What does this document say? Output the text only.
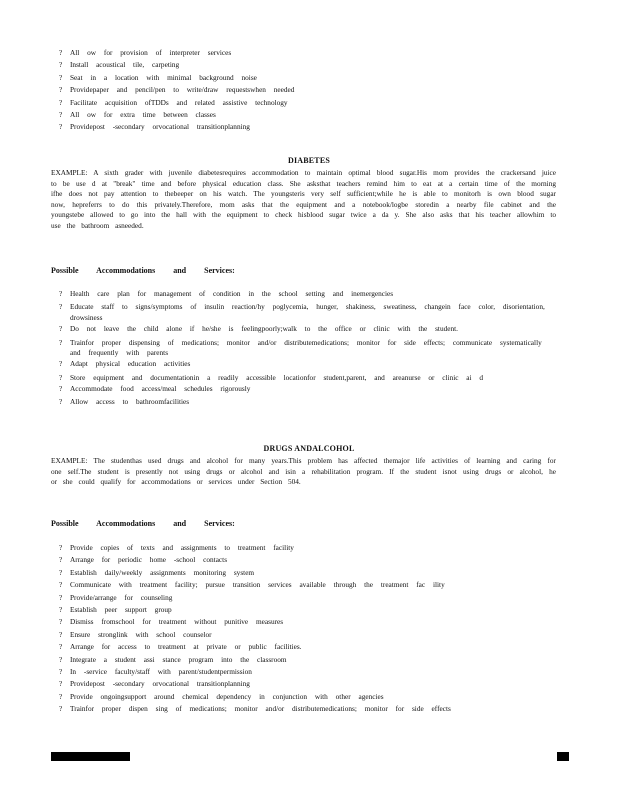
? All ow for provision of interpreter services
? Install acoustical tile, carpeting
? Seat in a location with minimal background noise
? Providepaper and pencil/pen to write/draw requestswhen needed
? Facilitate acquisition ofTDDs and related assistive technology
? All ow for extra time between classes
? Providepost -secondary orvocational transitionplanning
DIABETES

EXAMPLE: A sixth grader with juvenile diabetesrequires accommodation to maintain optimal blood sugar.His mom provides the crackersand juice to be use d at "break" time and before physical education class. She asksthat teachers remind him to eat at a certain time of the morning ifhe does not pay attention to thebeeper on his watch. The youngsteris very self sufficient;while he is able to monitorh is own blood sugar now, hepreferrs to do this privately.Therefore, mom asks that the equipment and a notebook/logbe storedin a nearby file cabinet and the youngstebe allowed to go into the hall with the equipment to check hisblood sugar twice a da y. She also asks that his teacher allowhim to use the bathroom asneeded.

Possible Accommodations and Services:
? Health care plan for management of condition in the school setting and inemergencies
? Educate staff to signs/symptoms of insulin reaction/hy poglycemia, hunger, shakiness, sweatiness, changein face color, disorientation, drowsiness
? Do not leave the child alone if he/she is feelingpoorly;walk to the office or clinic with the student.
? Trainfor proper dispensing of medications; monitor and/or distributemedications; monitor for side effects; communicate systematically and frequently with parents
? Adapt physical education activities
? Store equipment and documentationin a readily accessible locationfor student,parent, and areanurse or clinic ai d
? Accommodate food access/meal schedules rigorously
? Allow access to bathroomfacilities
DRUGS ANDALCOHOL

EXAMPLE: The studenthas used drugs and alcohol for many years.This problem has affected themajor life activities of learning and caring for one self.The student is presently not using drugs or alcohol and isin a rehabilitation program. If the student isnot using drugs or alcohol, he or she could qualify for accommodations or services under Section 504.

Possible Accommodations and Services:
? Provide copies of texts and assignments to treatment facility
? Arrange for periodic home -school contacts
? Establish daily/weekly assignments monitoring system
? Communicate with treatment facility; pursue transition services available through the treatment fac ility
? Provide/arrange for counseling
? Establish peer support group
? Dismiss fromschool for treatment without punitive measures
? Ensure stronglink with school counselor
? Arrange for access to treatment at private or public facilities.
? Integrate a student assi stance program into the classroom
? In -service faculty/staff with parent/studentpermission
? Providepost -secondary orvocational transitionplanning
? Provide ongoingsupport around chemical dependency in conjunction with other agencies
? Trainfor proper dispen sing of medications; monitor and/or distributemedications; monitor for side effects
